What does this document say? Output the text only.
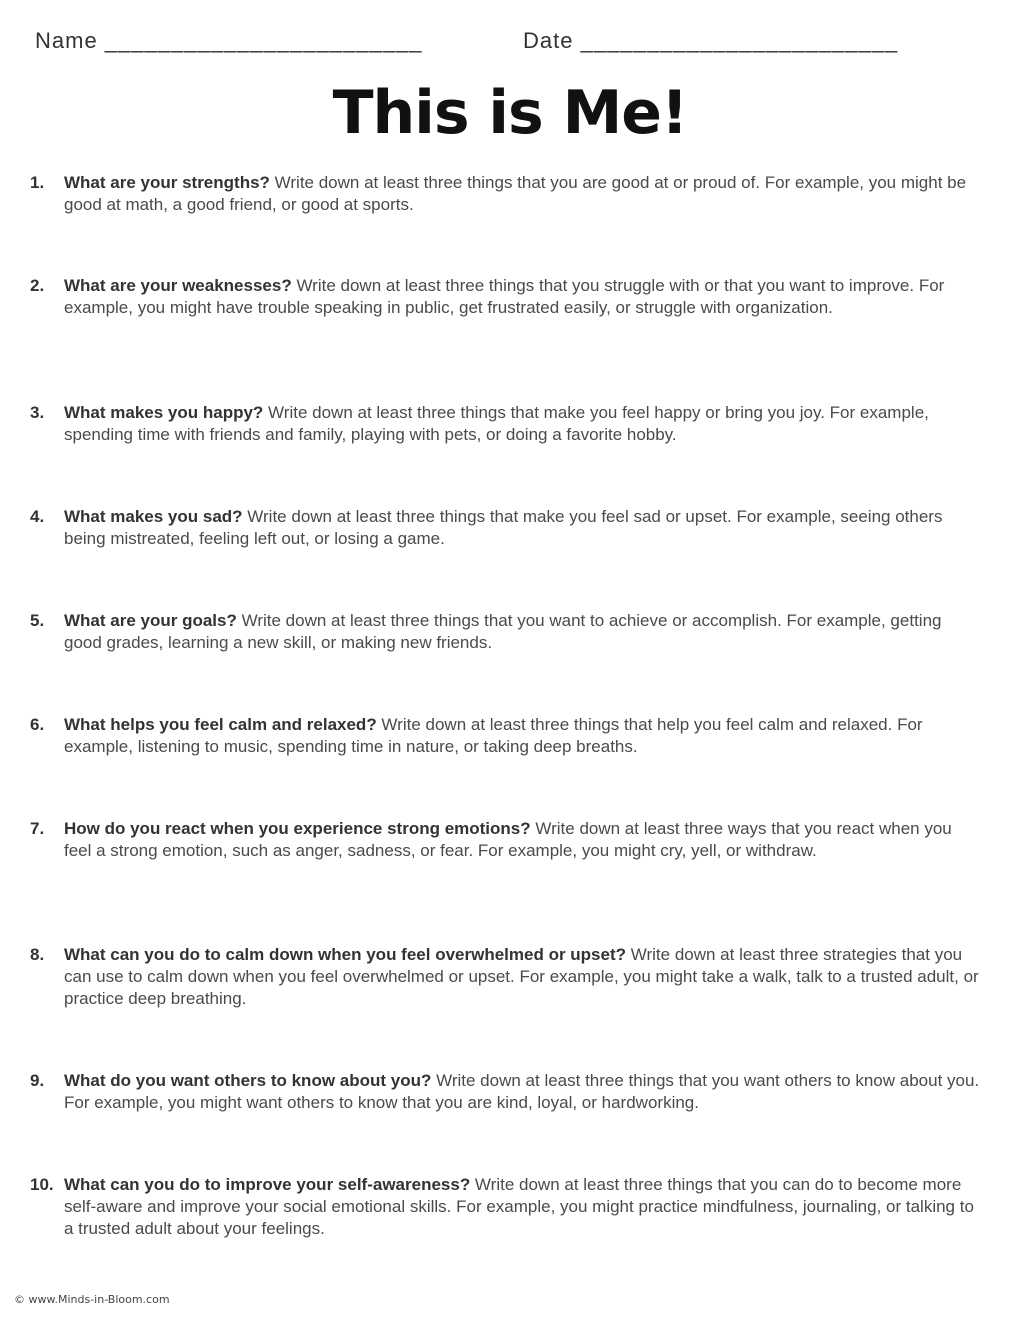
Name ________________________	Date ________________________
This is Me!
1.	What are your strengths? Write down at least three things that you are good at or proud of. For example, you might be good at math, a good friend, or good at sports.
2.	What are your weaknesses? Write down at least three things that you struggle with or that you want to improve. For example, you might have trouble speaking in public, get frustrated easily, or struggle with organization.
3.	What makes you happy? Write down at least three things that make you feel happy or bring you joy. For example, spending time with friends and family, playing with pets, or doing a favorite hobby.
4.	What makes you sad? Write down at least three things that make you feel sad or upset. For example, seeing others being mistreated, feeling left out, or losing a game.
5.	What are your goals? Write down at least three things that you want to achieve or accomplish. For example, getting good grades, learning a new skill, or making new friends.
6.	What helps you feel calm and relaxed? Write down at least three things that help you feel calm and relaxed. For example, listening to music, spending time in nature, or taking deep breaths.
7.	How do you react when you experience strong emotions? Write down at least three ways that you react when you feel a strong emotion, such as anger, sadness, or fear. For example, you might cry, yell, or withdraw.
8.	What can you do to calm down when you feel overwhelmed or upset? Write down at least three strategies that you can use to calm down when you feel overwhelmed or upset. For example, you might take a walk, talk to a trusted adult, or practice deep breathing.
9.	What do you want others to know about you? Write down at least three things that you want others to know about you. For example, you might want others to know that you are kind, loyal, or hardworking.
10. What can you do to improve your self-awareness? Write down at least three things that you can do to become more self-aware and improve your social emotional skills. For example, you might practice mindfulness, journaling, or talking to a trusted adult about your feelings.
© www.Minds-in-Bloom.com
